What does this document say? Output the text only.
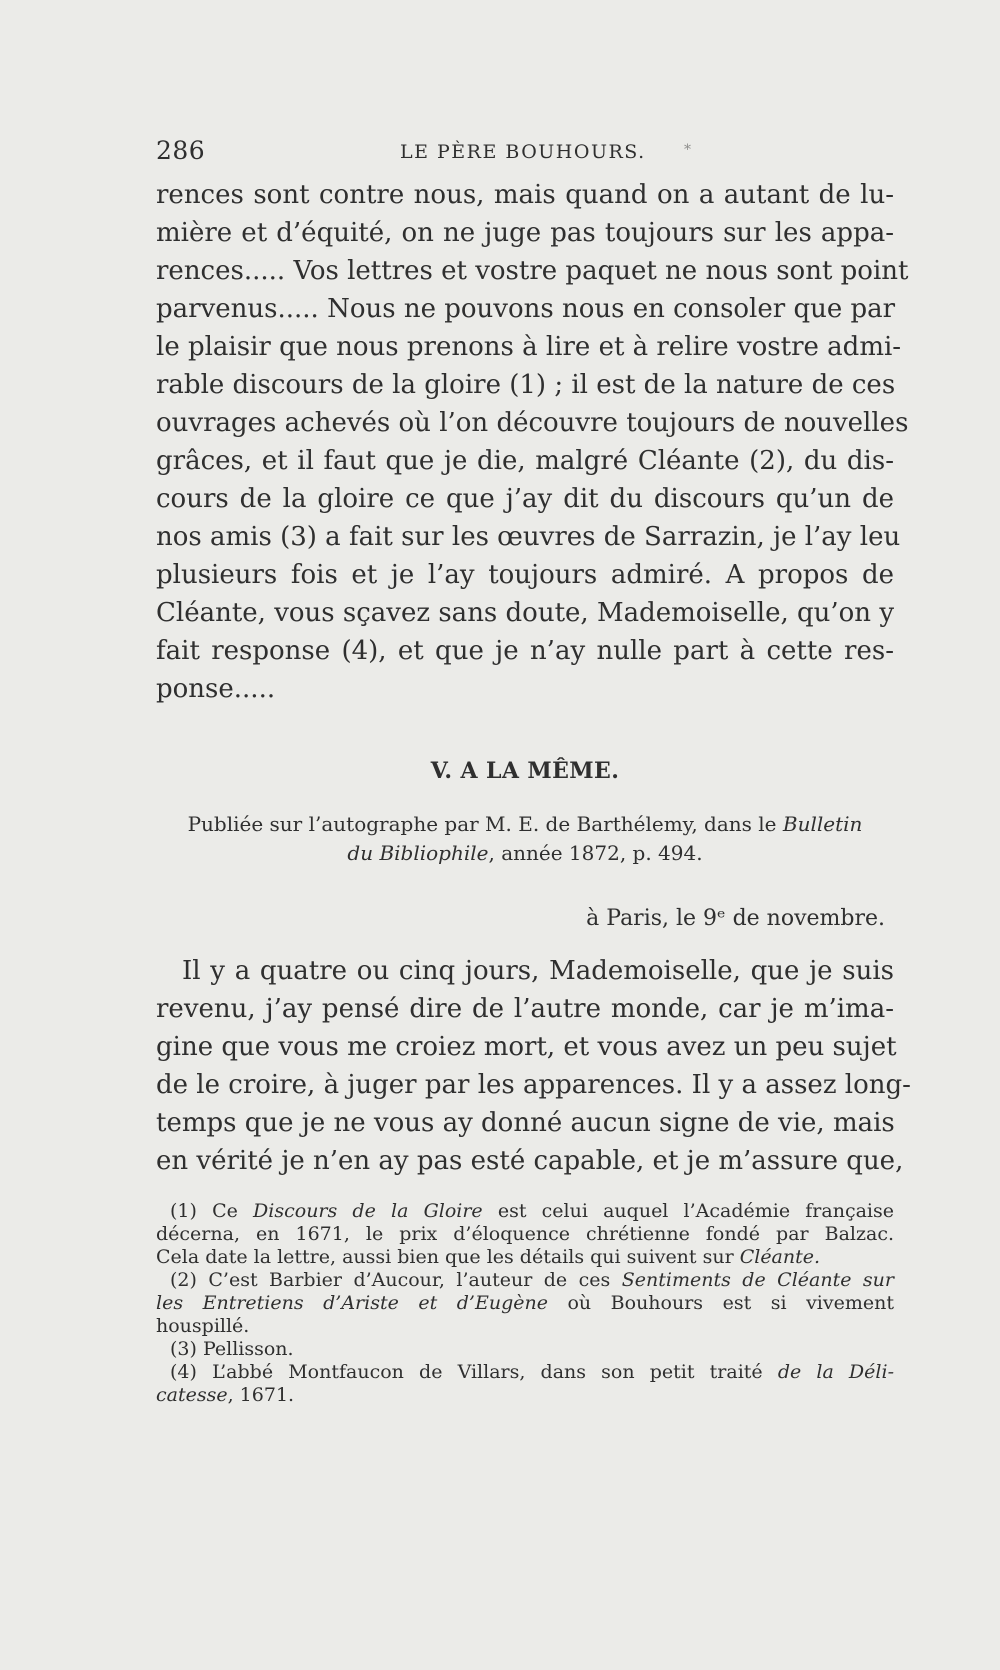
286	LE PÈRE BOUHOURS.	*
rences sont contre nous, mais quand on a autant de lu-
mière et d’équité, on ne juge pas toujours sur les appa-
rences..... Vos lettres et vostre paquet ne nous sont point
parvenus..... Nous ne pouvons nous en consoler que par
le plaisir que nous prenons à lire et à relire vostre admi-
rable discours de la gloire (1) ; il est de la nature de ces
ouvrages achevés où l’on découvre toujours de nouvelles
grâces, et il faut que je die, malgré Cléante (2), du dis-
cours de la gloire ce que j’ay dit du discours qu’un de
nos amis (3) a fait sur les œuvres de Sarrazin, je l’ay leu
plusieurs fois et je l’ay toujours admiré. A propos de
Cléante, vous sçavez sans doute, Mademoiselle, qu’on y
fait response (4), et que je n’ay nulle part à cette res-
ponse.....
V. A LA MÊME.
Publiée sur l’autographe par M. E. de Barthélemy, dans le Bulletin
du Bibliophile, année 1872, p. 494.
à Paris, le 9ᵉ de novembre.
Il y a quatre ou cinq jours, Mademoiselle, que je suis
revenu, j’ay pensé dire de l’autre monde, car je m’ima-
gine que vous me croiez mort, et vous avez un peu sujet
de le croire, à juger par les apparences. Il y a assez long-
temps que je ne vous ay donné aucun signe de vie, mais
en vérité je n’en ay pas esté capable, et je m’assure que,
(1) Ce Discours de la Gloire est celui auquel l’Académie française
décerna, en 1671, le prix d’éloquence chrétienne fondé par Balzac.
Cela date la lettre, aussi bien que les détails qui suivent sur Cléante.
(2) C’est Barbier d’Aucour, l’auteur de ces Sentiments de Cléante sur
les Entretiens d’Ariste et d’Eugène où Bouhours est si vivement
houspillé.
(3) Pellisson.
(4) L’abbé Montfaucon de Villars, dans son petit traité de la Déli-
catesse, 1671.
